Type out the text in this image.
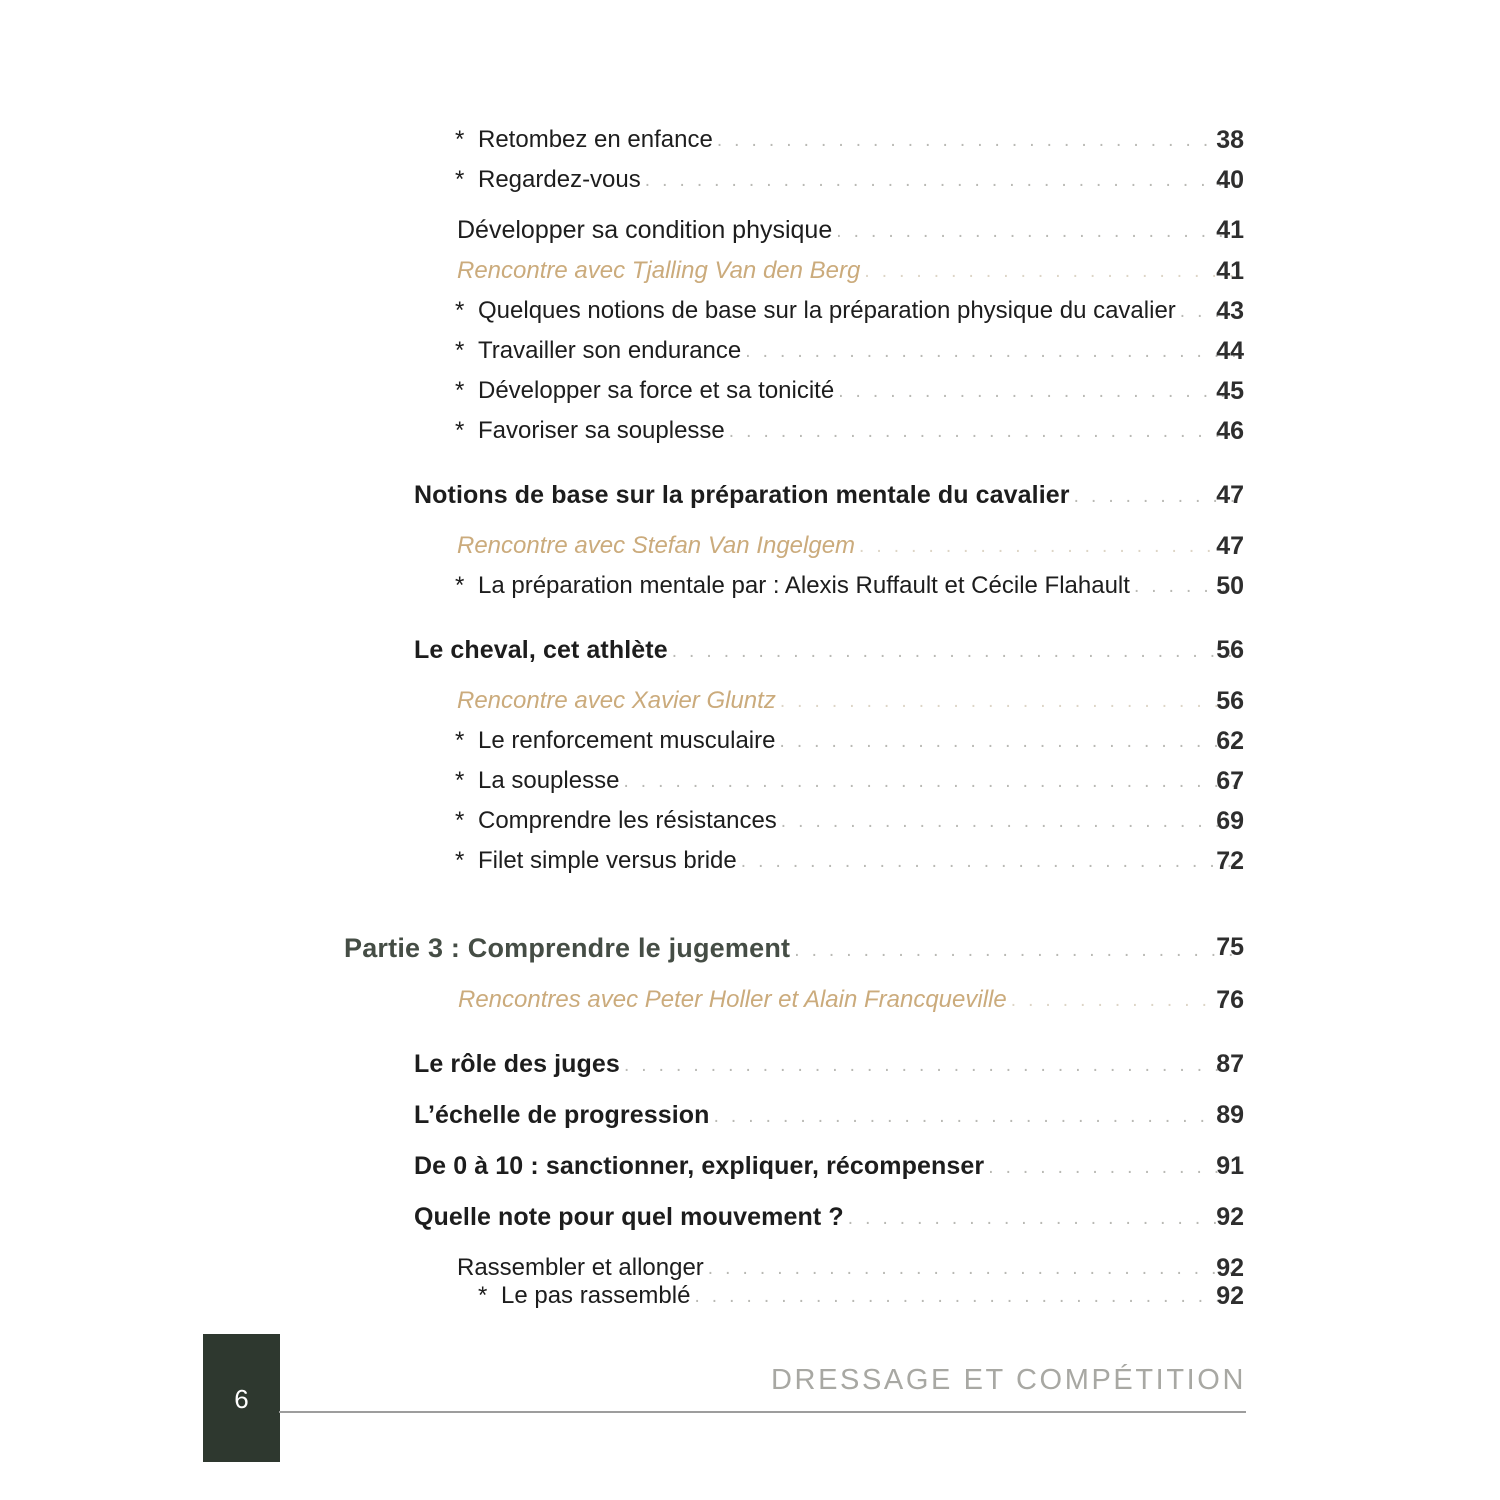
* Retombez en enfance . . .	38
* Regardez-vous . . .	40
Développer sa condition physique . . .	41
Rencontre avec Tjalling Van den Berg . . .	41
* Quelques notions de base sur la préparation physique du cavalier . . .	43
* Travailler son endurance . . .	44
* Développer sa force et sa tonicité . . .	45
* Favoriser sa souplesse . . .	46
Notions de base sur la préparation mentale du cavalier . . .	47
Rencontre avec Stefan Van Ingelgem . . .	47
* La préparation mentale par : Alexis Ruffault et Cécile Flahault . . .	50
Le cheval, cet athlète . . .	56
Rencontre avec Xavier Gluntz . . .	56
* Le renforcement musculaire . . .	62
* La souplesse . . .	67
* Comprendre les résistances . . .	69
* Filet simple versus bride . . .	72
Partie 3 : Comprendre le jugement . . .	75
Rencontres avec Peter Holler et Alain Francqueville . . .	76
Le rôle des juges . . .	87
L’échelle de progression . . .	89
De 0 à 10 : sanctionner, expliquer, récompenser . . .	91
Quelle note pour quel mouvement ? . . .	92
Rassembler et allonger . . .	92
* Le pas rassemblé . . .	92
6
DRESSAGE ET COMPÉTITION
